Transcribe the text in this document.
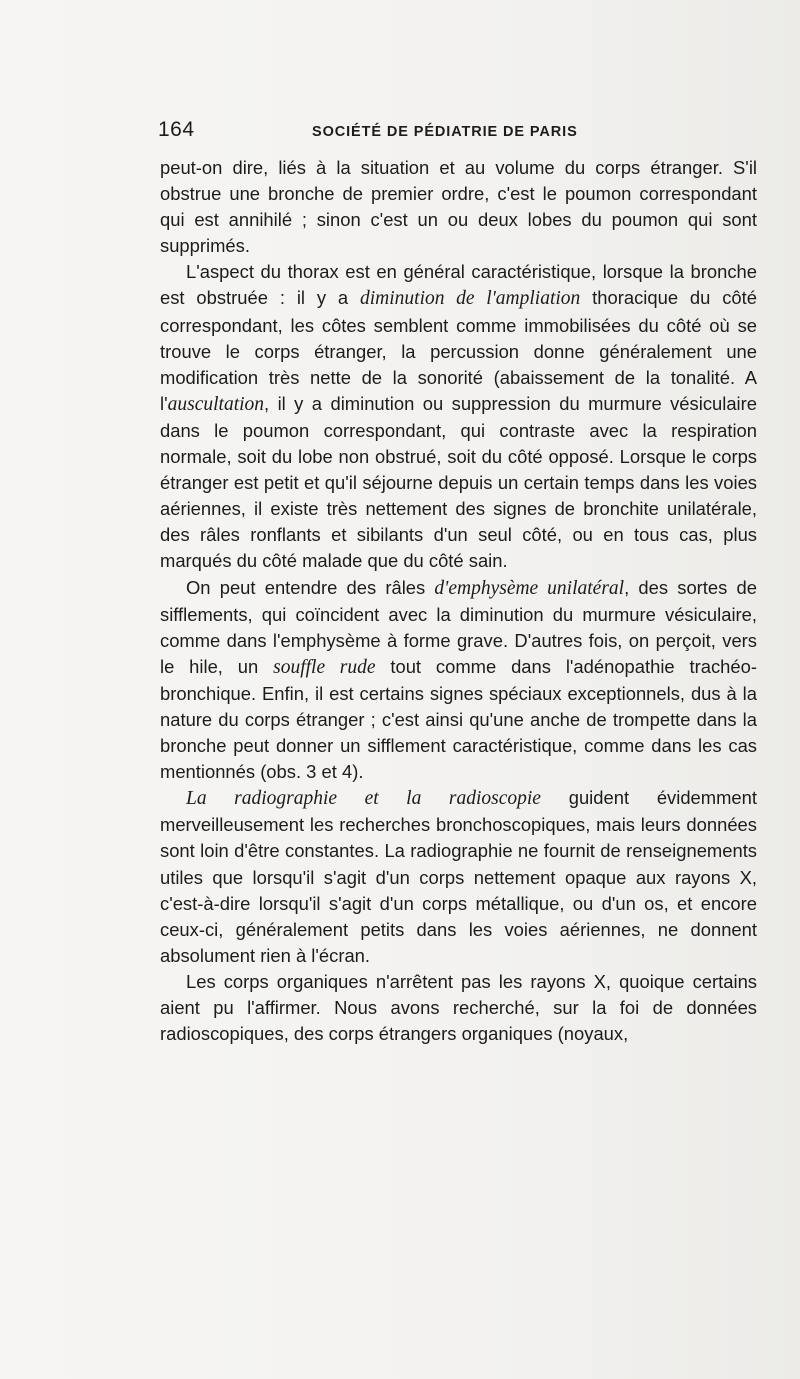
164	SOCIÉTÉ DE PÉDIATRIE DE PARIS

peut-on dire, liés à la situation et au volume du corps étranger. S'il obstrue une bronche de premier ordre, c'est le poumon correspondant qui est annihilé ; sinon c'est un ou deux lobes du poumon qui sont supprimés.

L'aspect du thorax est en général caractéristique, lorsque la bronche est obstruée : il y a diminution de l'ampliation thoracique du côté correspondant, les côtes semblent comme immobilisées du côté où se trouve le corps étranger, la percussion donne généralement une modification très nette de la sonorité (abaissement de la tonalité. A l'auscultation, il y a diminution ou suppression du murmure vésiculaire dans le poumon correspondant, qui contraste avec la respiration normale, soit du lobe non obstrué, soit du côté opposé. Lorsque le corps étranger est petit et qu'il séjourne depuis un certain temps dans les voies aériennes, il existe très nettement des signes de bronchite unilatérale, des râles ronflants et sibilants d'un seul côté, ou en tous cas, plus marqués du côté malade que du côté sain.

On peut entendre des râles d'emphysème unilatéral, des sortes de sifflements, qui coïncident avec la diminution du murmure vésiculaire, comme dans l'emphysème à forme grave. D'autres fois, on perçoit, vers le hile, un souffle rude tout comme dans l'adénopathie trachéo-bronchique. Enfin, il est certains signes spéciaux exceptionnels, dus à la nature du corps étranger ; c'est ainsi qu'une anche de trompette dans la bronche peut donner un sifflement caractéristique, comme dans les cas mentionnés (obs. 3 et 4).

La radiographie et la radioscopie guident évidemment merveilleusement les recherches bronchoscopiques, mais leurs données sont loin d'être constantes. La radiographie ne fournit de renseignements utiles que lorsqu'il s'agit d'un corps nettement opaque aux rayons X, c'est-à-dire lorsqu'il s'agit d'un corps métallique, ou d'un os, et encore ceux-ci, généralement petits dans les voies aériennes, ne donnent absolument rien à l'écran.

Les corps organiques n'arrêtent pas les rayons X, quoique certains aient pu l'affirmer. Nous avons recherché, sur la foi de données radioscopiques, des corps étrangers organiques (noyaux,
